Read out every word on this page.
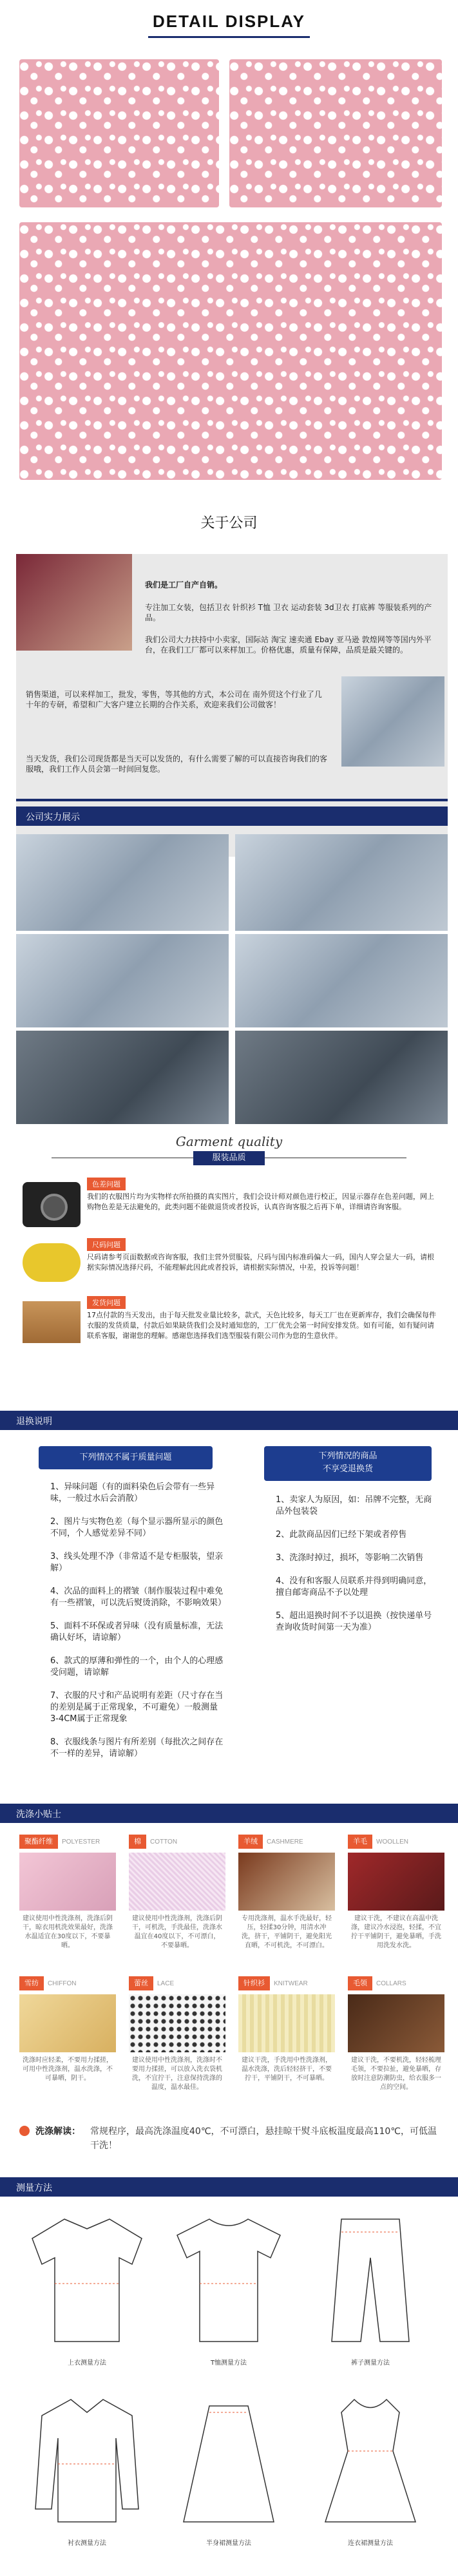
DETAIL DISPLAY
关于公司
我们是工厂自产自销。
专注加工女装，包括卫衣 针织衫 T恤 卫衣 运动套装 3d卫衣 打底裤 等服装系列的产品。
我们公司大力扶持中小卖家，国际站 淘宝 速卖通 Ebay 亚马逊 敦煌网等等国内外平台，在我们工厂都可以来样加工。价格优惠，质量有保障，品质是最关键的。
销售渠道，可以来样加工，批发，零售，等其他的方式，本公司在 南外贸这个行业了几十年的专研，希望和广大客户建立长期的合作关系，欢迎来我们公司做客！
当天发货，我们公司现货都是当天可以发货的，有什么需要了解的可以直接咨询我们的客服哦，我们工作人员会第一时间回复您。
公司实力展示
Garment quality
服装品质
色差问题
我们的衣服图片均为实物样衣所拍摄的真实图片，我们会设计师对颜色进行校正，因显示器存在色差问题，网上购物色差是无法避免的，此类问题不能做退货或者投诉，认真咨询客服之后再下单，详细请咨询客服。
尺码问题
尺码请参考页面数据或咨询客服，我们主营外贸服装，尺码与国内标准码偏大一码，国内人穿会显大一码，请根据实际情况选择尺码，不能理解此因此或者投诉，请根据实际情况，中差，投诉等问题！
发货问题
17点付款的当天发出，由于每天批发业量比较多，款式，天色比较多，每天工厂也在更新库存，我们会确保每件衣服的发货质量，付款后如果缺货我们会及时通知您的，工厂优先会第一时间安排发货。如有可能，如有疑问请联系客服，谢谢您的理解。感谢您选择我们选型服装有限公司作为您的生意伙伴。
退换说明
下列情况不属于质量问题
1、异味问题（有的面料染色后会带有一些异味，一般过水后会消散）
2、图片与实物色差（每个显示器所显示的颜色不同，个人感觉差异不同）
3、线头处理不净（非常适不是专柜服装，望亲解）
4、次品的面料上的褶皱（制作服装过程中难免有一些褶皱，可以洗后熨烫消除，不影响效果）
5、面料不环保或者异味（没有质量标准，无法确认好坏，请谅解）
6、款式的厚薄和弹性的一个，由个人的心理感受问题，请谅解
7、衣服的尺寸和产品说明有差距（尺寸存在当的差别是属于正常现象，不可避免）一般测量3-4CM属于正常现象
8、衣服线条与图片有所差别（每批次之间存在不一样的差异，请谅解）
下列情况的商品
不享受退换货
1、卖家人为原因，如：吊牌不完整，无商品外包装袋
2、此款商品因们已经下架或者停售
3、洗涤时掉过，损坏，等影响二次销售
4、没有和客服人员联系并得到明确同意，擅自邮寄商品不予以处理
5、超出退换时间不予以退换（按快递单号查询收货时间第一天为准）
洗涤小贴士
聚酯纤维	POLYESTER
建议使用中性洗涤剂，洗涤后阴干，晾衣用机洗效果最好，洗涤水温适宜在30度以下，不要暴晒。
棉	COTTON
建议使用中性洗涤剂，洗涤后阴干，可机洗，手洗最佳，洗涤水温宜在40度以下，不可漂白，不要暴晒。
羊绒	CASHMERE
专用洗涤剂，温水手洗最好，轻压，轻揉30分钟，用清水冲洗，挤干，平铺阴干，避免阳光直晒，不可机洗，不可漂白。
羊毛	WOOLLEN
建议干洗，不建议在高温中洗涤，建议冷水浸泡，轻揉，不宜拧干平铺阴干，避免暴晒，手洗用洗发水洗。
雪纺	CHIFFON
洗涤时应轻柔，不要用力揉搓，可用中性洗涤剂，温水洗涤，不可暴晒，阴干。
蕾丝	LACE
建议使用中性洗涤剂，洗涤时不要用力揉搓，可以放入洗衣袋机洗，不宜拧干，注意保持洗涤的温度，温水最佳。
针织衫	KNITWEAR
建议干洗，手洗用中性洗涤剂，温水洗涤，洗后轻轻挤干，不要拧干，平铺阴干，不可暴晒。
毛领	COLLARS
建议干洗，不要机洗，轻轻梳理毛领，不要拉扯，避免暴晒，存放时注意防潮防虫，给衣服多一点的空间。
洗涤解读： 常规程序，最高洗涤温度40℃，不可漂白，悬挂晾干熨斗底板温度最高110℃，可低温干洗！
测量方法
上衣测量方法	T恤测量方法	裤子测量方法
衬衣测量方法	半身裙测量方法	连衣裙测量方法
